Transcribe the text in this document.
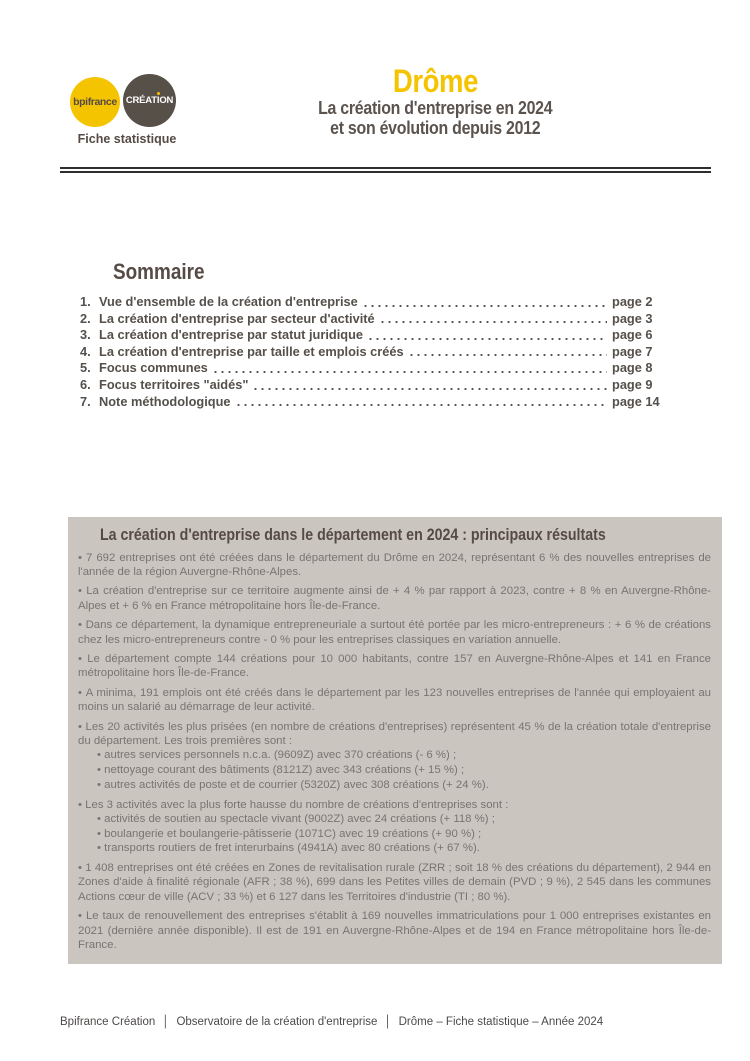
bpifrance CRÉATION
Fiche statistique
Drôme
La création d'entreprise en 2024
et son évolution depuis 2012
Sommaire
1. Vue d'ensemble de la création d'entreprise	page 2
2. La création d'entreprise par secteur d'activité	page 3
3. La création d'entreprise par statut juridique	page 6
4. La création d'entreprise par taille et emplois créés	page 7
5. Focus communes	page 8
6. Focus territoires "aidés"	page 9
7. Note méthodologique	page 14
La création d'entreprise dans le département en 2024 : principaux résultats
• 7 692 entreprises ont été créées dans le département du Drôme en 2024, représentant 6 % des nouvelles entreprises de l'année de la région Auvergne-Rhône-Alpes.
• La création d'entreprise sur ce territoire augmente ainsi de + 4 % par rapport à 2023, contre + 8 % en Auvergne-Rhône-Alpes et + 6 % en France métropolitaine hors Île-de-France.
• Dans ce département, la dynamique entrepreneuriale a surtout été portée par les micro-entrepreneurs : + 6 % de créations chez les micro-entrepreneurs contre - 0 % pour les entreprises classiques en variation annuelle.
• Le département compte 144 créations pour 10 000 habitants, contre 157 en Auvergne-Rhône-Alpes et 141 en France métropolitaine hors Île-de-France.
• A minima, 191 emplois ont été créés dans le département par les 123 nouvelles entreprises de l'année qui employaient au moins un salarié au démarrage de leur activité.
• Les 20 activités les plus prisées (en nombre de créations d'entreprises) représentent 45 % de la création totale d'entreprise du département. Les trois premières sont :
• autres services personnels n.c.a. (9609Z) avec 370 créations (- 6 %) ;
• nettoyage courant des bâtiments (8121Z) avec 343 créations (+ 15 %) ;
• autres activités de poste et de courrier (5320Z) avec 308 créations (+ 24 %).
• Les 3 activités avec la plus forte hausse du nombre de créations d'entreprises sont :
• activités de soutien au spectacle vivant (9002Z) avec 24 créations (+ 118 %) ;
• boulangerie et boulangerie-pâtisserie (1071C) avec 19 créations (+ 90 %) ;
• transports routiers de fret interurbains (4941A) avec 80 créations (+ 67 %).
• 1 408 entreprises ont été créées en Zones de revitalisation rurale (ZRR ; soit 18 % des créations du département), 2 944 en Zones d'aide à finalité régionale (AFR ; 38 %), 699 dans les Petites villes de demain (PVD ; 9 %), 2 545 dans les communes Actions cœur de ville (ACV ; 33 %) et 6 127 dans les Territoires d'industrie (TI ; 80 %).
• Le taux de renouvellement des entreprises s'établit à 169 nouvelles immatriculations pour 1 000 entreprises existantes en 2021 (dernière année disponible). Il est de 191 en Auvergne-Rhône-Alpes et de 194 en France métropolitaine hors Île-de-France.
Bpifrance Création │ Observatoire de la création d'entreprise │ Drôme – Fiche statistique – Année 2024
